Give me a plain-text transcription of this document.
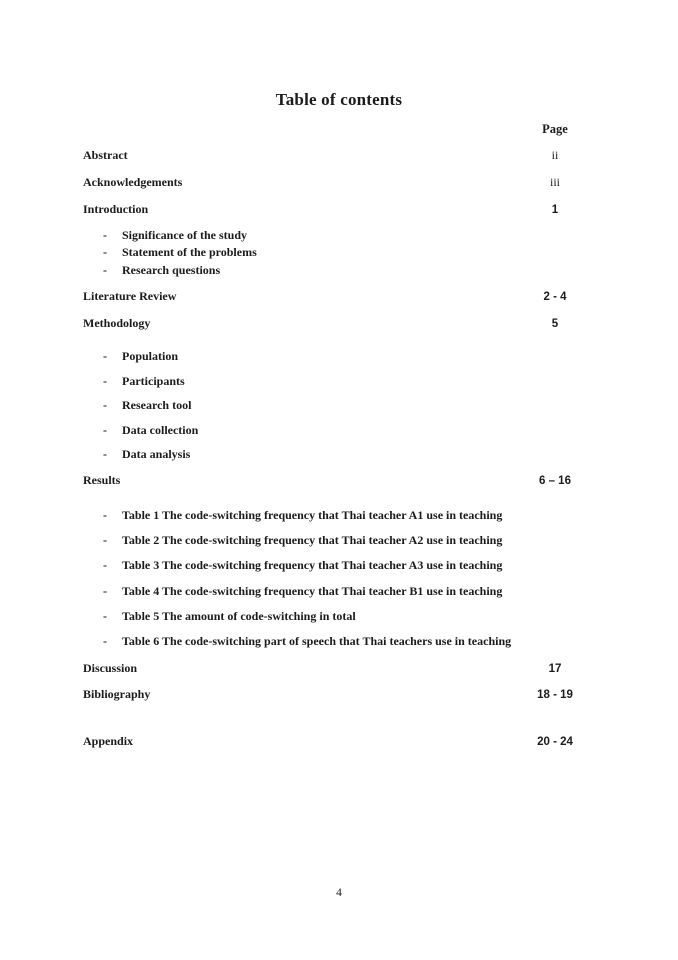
Table of contents
Page
Abstract	ii
Acknowledgements	iii
Introduction	1
-	Significance of the study
-	Statement of the problems
-	Research questions
Literature Review	2 - 4
Methodology	5
-	Population
-	Participants
-	Research tool
-	Data collection
-	Data analysis
Results	6 – 16
-	Table 1 The code-switching frequency that Thai teacher A1 use in teaching
-	Table 2 The code-switching frequency that Thai teacher A2 use in teaching
-	Table 3 The code-switching frequency that Thai teacher A3 use in teaching
-	Table 4 The code-switching frequency that Thai teacher B1 use in teaching
-	Table 5 The amount of code-switching in total
-	Table 6 The code-switching part of speech that Thai teachers use in teaching
Discussion	17
Bibliography	18 - 19
Appendix	20 - 24
4
